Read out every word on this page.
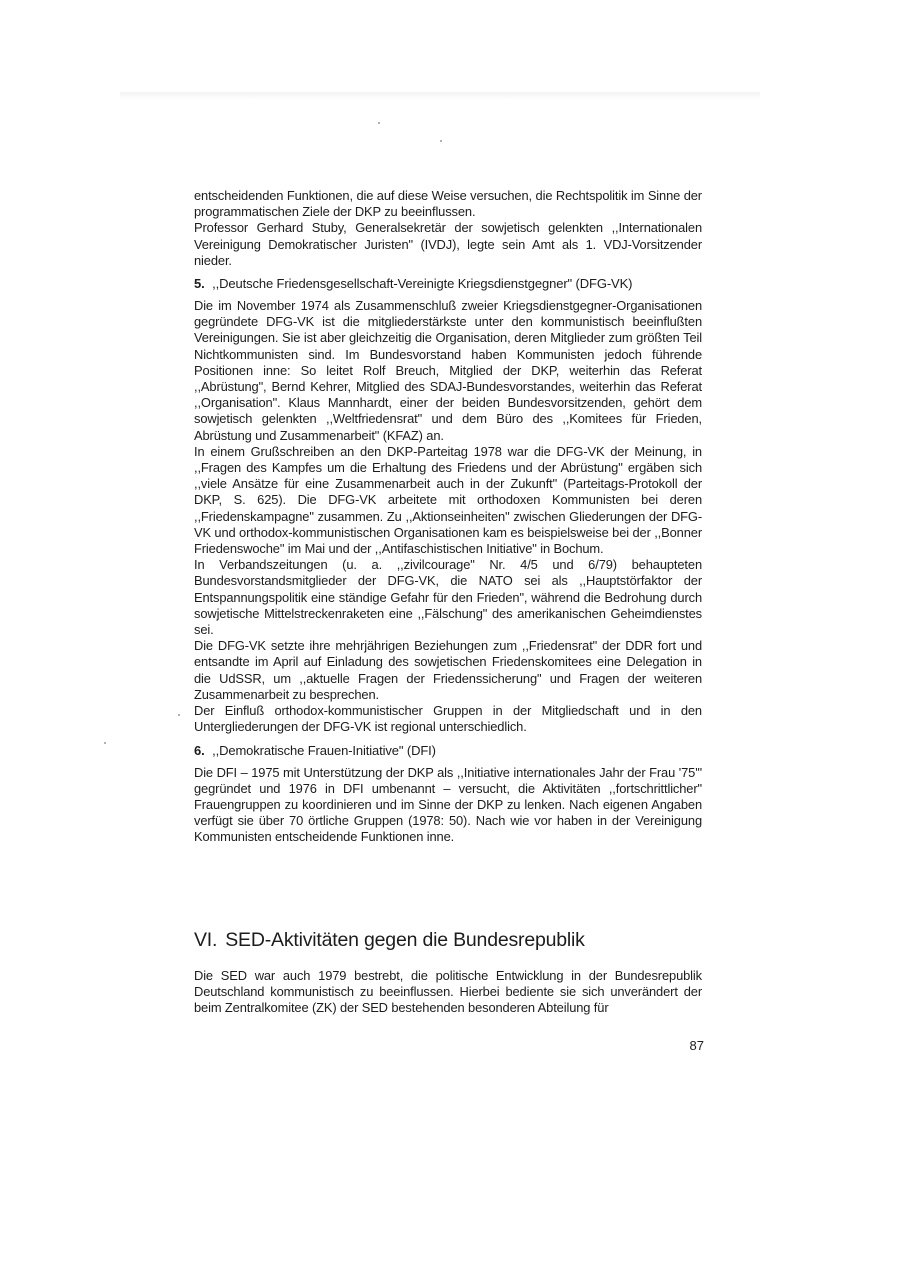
entscheidenden Funktionen, die auf diese Weise versuchen, die Rechtspolitik im Sinne der programmatischen Ziele der DKP zu beeinflussen.

Professor Gerhard Stuby, Generalsekretär der sowjetisch gelenkten ,,Internationalen Vereinigung Demokratischer Juristen" (IVDJ), legte sein Amt als 1. VDJ-Vorsitzender nieder.

5. ,,Deutsche Friedensgesellschaft-Vereinigte Kriegsdienstgegner" (DFG-VK)

Die im November 1974 als Zusammenschluß zweier Kriegsdienstgegner-Organisationen gegründete DFG-VK ist die mitgliederstärkste unter den kommunistisch beeinflußten Vereinigungen. Sie ist aber gleichzeitig die Organisation, deren Mitglieder zum größten Teil Nichtkommunisten sind. Im Bundesvorstand haben Kommunisten jedoch führende Positionen inne: So leitet Rolf Breuch, Mitglied der DKP, weiterhin das Referat ,,Abrüstung", Bernd Kehrer, Mitglied des SDAJ-Bundesvorstandes, weiterhin das Referat ,,Organisation". Klaus Mannhardt, einer der beiden Bundesvorsitzenden, gehört dem sowjetisch gelenkten ,,Weltfriedensrat" und dem Büro des ,,Komitees für Frieden, Abrüstung und Zusammenarbeit" (KFAZ) an.

In einem Grußschreiben an den DKP-Parteitag 1978 war die DFG-VK der Meinung, in ,,Fragen des Kampfes um die Erhaltung des Friedens und der Abrüstung" ergäben sich ,,viele Ansätze für eine Zusammenarbeit auch in der Zukunft" (Parteitags-Protokoll der DKP, S. 625). Die DFG-VK arbeitete mit orthodoxen Kommunisten bei deren ,,Friedenskampagne" zusammen. Zu ,,Aktionseinheiten" zwischen Gliederungen der DFG-VK und orthodox-kommunistischen Organisationen kam es beispielsweise bei der ,,Bonner Friedenswoche" im Mai und der ,,Antifaschistischen Initiative" in Bochum.

In Verbandszeitungen (u. a. ,,zivilcourage" Nr. 4/5 und 6/79) behaupteten Bundesvorstandsmitglieder der DFG-VK, die NATO sei als ,,Hauptstörfaktor der Entspannungspolitik eine ständige Gefahr für den Frieden", während die Bedrohung durch sowjetische Mittelstreckenraketen eine ,,Fälschung" des amerikanischen Geheimdienstes sei.

Die DFG-VK setzte ihre mehrjährigen Beziehungen zum ,,Friedensrat" der DDR fort und entsandte im April auf Einladung des sowjetischen Friedenskomitees eine Delegation in die UdSSR, um ,,aktuelle Fragen der Friedenssicherung" und Fragen der weiteren Zusammenarbeit zu besprechen.

Der Einfluß orthodox-kommunistischer Gruppen in der Mitgliedschaft und in den Untergliederungen der DFG-VK ist regional unterschiedlich.

6. ,,Demokratische Frauen-Initiative" (DFI)

Die DFI – 1975 mit Unterstützung der DKP als ,,Initiative internationales Jahr der Frau '75'" gegründet und 1976 in DFI umbenannt – versucht, die Aktivitäten ,,fortschrittlicher" Frauengruppen zu koordinieren und im Sinne der DKP zu lenken. Nach eigenen Angaben verfügt sie über 70 örtliche Gruppen (1978: 50). Nach wie vor haben in der Vereinigung Kommunisten entscheidende Funktionen inne.

VI. SED-Aktivitäten gegen die Bundesrepublik

Die SED war auch 1979 bestrebt, die politische Entwicklung in der Bundesrepublik Deutschland kommunistisch zu beeinflussen. Hierbei bediente sie sich unverändert der beim Zentralkomitee (ZK) der SED bestehenden besonderen Abteilung für

87
